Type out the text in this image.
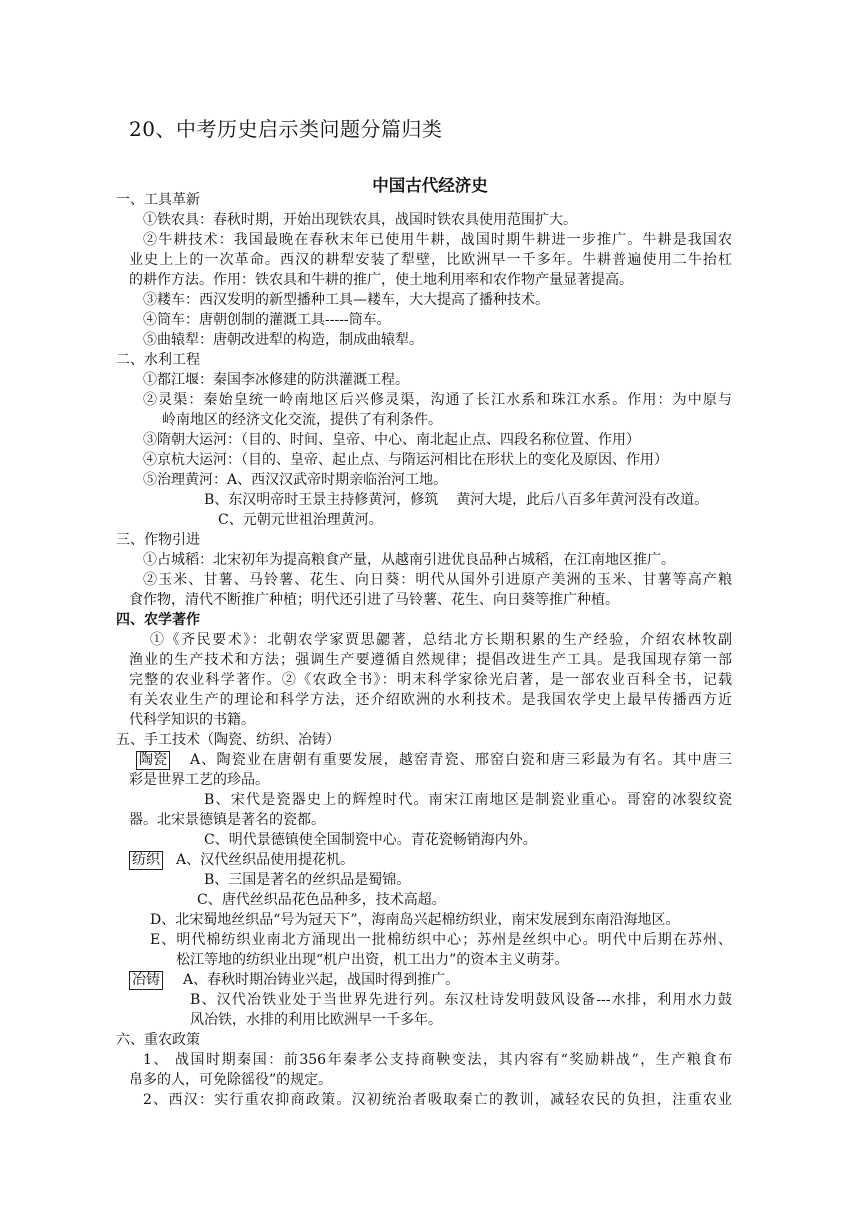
20、中考历史启示类问题分篇归类
中国古代经济史
一、工具革新
①铁农具：春秋时期，开始出现铁农具，战国时铁农具使用范围扩大。
②牛耕技术：我国最晚在春秋末年已使用牛耕，战国时期牛耕进一步推广。牛耕是我国农
业史上上的一次革命。西汉的耕犁安装了犁壁，比欧洲早一千多年。牛耕普遍使用二牛抬杠
的耕作方法。作用：铁农具和牛耕的推广，使土地利用率和农作物产量显著提高。
③耧车：西汉发明的新型播种工具—耧车，大大提高了播种技术。
④筒车：唐朝创制的灌溉工具-----筒车。
⑤曲辕犁：唐朝改进犁的构造，制成曲辕犁。
二、水利工程
①都江堰：秦国李冰修建的防洪灌溉工程。
②灵渠：秦始皇统一岭南地区后兴修灵渠，沟通了长江水系和珠江水系。作用：为中原与
岭南地区的经济文化交流，提供了有利条件。
③隋朝大运河：（目的、时间、皇帝、中心、南北起止点、四段名称位置、作用）
④京杭大运河：（目的、皇帝、起止点、与隋运河相比在形状上的变化及原因、作用）
⑤治理黄河：A、西汉汉武帝时期亲临治河工地。
B、东汉明帝时王景主持修黄河，修筑    黄河大堤，此后八百多年黄河没有改道。
C、元朝元世祖治理黄河。
三、作物引进
①占城稻：北宋初年为提高粮食产量，从越南引进优良品种占城稻，在江南地区推广。
②玉米、甘薯、马铃薯、花生、向日葵：明代从国外引进原产美洲的玉米、甘薯等高产粮
食作物，清代不断推广种植；明代还引进了马铃薯、花生、向日葵等推广种植。
四、农学著作
①《齐民要术》：北朝农学家贾思勰著，总结北方长期积累的生产经验，介绍农林牧副
渔业的生产技术和方法；强调生产要遵循自然规律；提倡改进生产工具。是我国现存第一部
完整的农业科学著作。②《农政全书》：明末科学家徐光启著，是一部农业百科全书，记载
有关农业生产的理论和科学方法，还介绍欧洲的水利技术。是我国农学史上最早传播西方近
代科学知识的书籍。
五、手工技术（陶瓷、纺织、冶铸）
陶瓷	A、陶瓷业在唐朝有重要发展，越窑青瓷、邢窑白瓷和唐三彩最为有名。其中唐三
彩是世界工艺的珍品。
B、宋代是瓷器史上的辉煌时代。南宋江南地区是制瓷业重心。哥窑的冰裂纹瓷
器。北宋景德镇是著名的瓷都。
C、明代景德镇使全国制瓷中心。青花瓷畅销海内外。
纺织	A、汉代丝织品使用提花机。
B、三国是著名的丝织品是蜀锦。
C、唐代丝织品花色品种多，技术高超。
D、北宋蜀地丝织品“号为冠天下”，海南岛兴起棉纺织业，南宋发展到东南沿海地区。
E、明代棉纺织业南北方涌现出一批棉纺织中心；苏州是丝织中心。明代中后期在苏州、
松江等地的纺织业出现“机户出资，机工出力”的资本主义萌芽。
冶铸	A、春秋时期冶铸业兴起，战国时得到推广。
B、汉代冶铁业处于当世界先进行列。东汉杜诗发明鼓风设备---水排，利用水力鼓
风冶铁，水排的利用比欧洲早一千多年。
六、重农政策
1、 战国时期秦国：前356年秦孝公支持商鞅变法，其内容有“奖励耕战”，生产粮食布
帛多的人，可免除徭役”的规定。
2、西汉：实行重农抑商政策。汉初统治者吸取秦亡的教训，减轻农民的负担，注重农业
